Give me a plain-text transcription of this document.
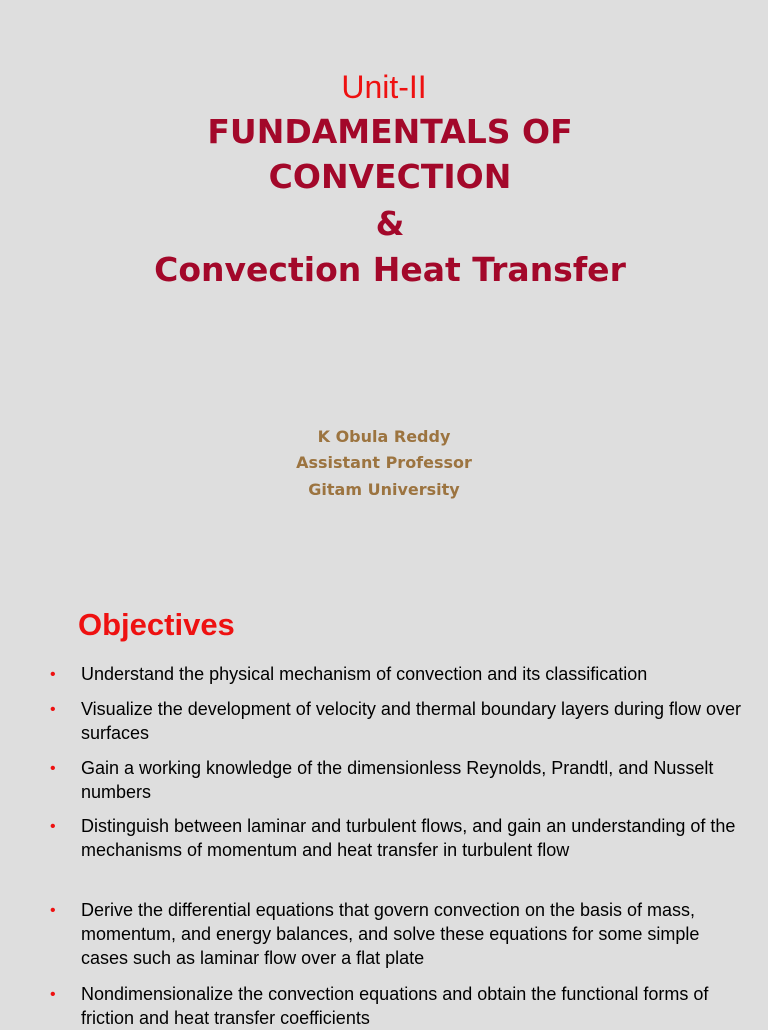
Unit-II
FUNDAMENTALS OF
CONVECTION
&
Convection Heat Transfer
K Obula Reddy
Assistant Professor
Gitam University
Objectives
• Understand the physical mechanism of convection and its classification
• Visualize the development of velocity and thermal boundary layers during flow over surfaces
• Gain a working knowledge of the dimensionless Reynolds, Prandtl, and Nusselt numbers
• Distinguish between laminar and turbulent flows, and gain an understanding of the mechanisms of momentum and heat transfer in turbulent flow
• Derive the differential equations that govern convection on the basis of mass, momentum, and energy balances, and solve these equations for some simple cases such as laminar flow over a flat plate
• Nondimensionalize the convection equations and obtain the functional forms of friction and heat transfer coefficients
